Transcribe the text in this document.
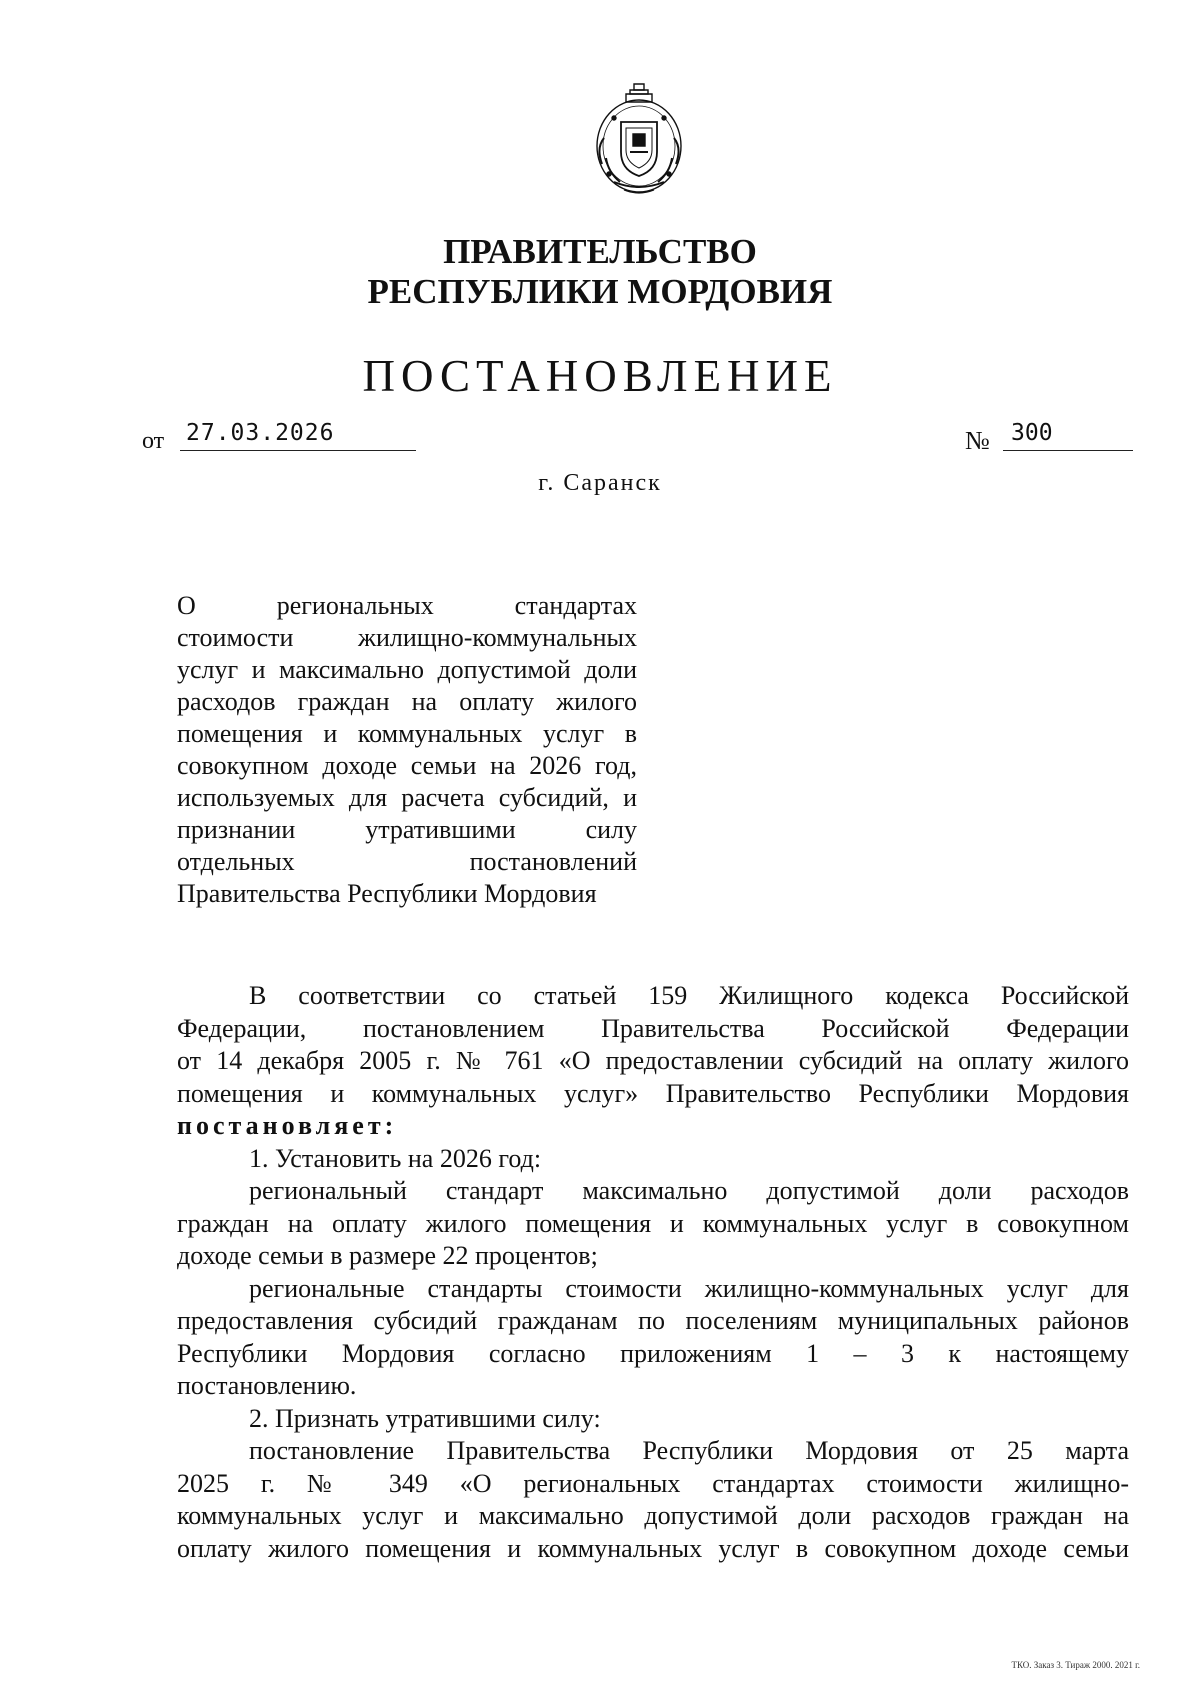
ПРАВИТЕЛЬСТВО
РЕСПУБЛИКИ МОРДОВИЯ
ПОСТАНОВЛЕНИЕ
от 27.03.2026	№ 300
г. Саранск
О региональных стандартах
стоимости жилищно-коммунальных
услуг и максимально допустимой доли
расходов граждан на оплату жилого
помещения и коммунальных услуг в
совокупном доходе семьи на 2026 год,
используемых для расчета субсидий, и
признании утратившими силу
отдельных постановлений
Правительства Республики Мордовия
В соответствии со статьей 159 Жилищного кодекса Российской
Федерации, постановлением Правительства Российской Федерации
от 14 декабря 2005 г. № 761 «О предоставлении субсидий на оплату жилого
помещения и коммунальных услуг» Правительство Республики Мордовия
постановляет:
1. Установить на 2026 год:
региональный стандарт максимально допустимой доли расходов
граждан на оплату жилого помещения и коммунальных услуг в совокупном
доходе семьи в размере 22 процентов;
региональные стандарты стоимости жилищно-коммунальных услуг для
предоставления субсидий гражданам по поселениям муниципальных районов
Республики Мордовия согласно приложениям 1 – 3 к настоящему
постановлению.
2. Признать утратившими силу:
постановление Правительства Республики Мордовия от 25 марта
2025 г. № 349 «О региональных стандартах стоимости жилищно-
коммунальных услуг и максимально допустимой доли расходов граждан на
оплату жилого помещения и коммунальных услуг в совокупном доходе семьи
ТКО. Заказ 3. Тираж 2000. 2021 г.
